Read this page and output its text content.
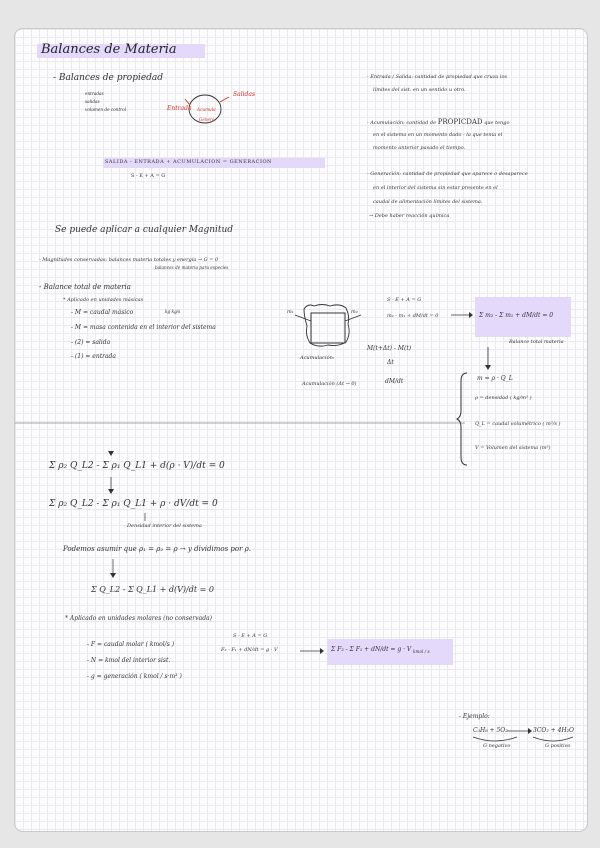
Balances de Materia
- Balances de propiedad
entradas
salidas
volumen de control	Entrada
Salidas
Acumula
Genera
- Entrada / Salida: cantidad de propiedad que cruza los
límites del sist. en un sentido u otro.
- Acumulación: cantidad de PROPICDAD que tengo
en el sistema en un momento dado - la que tenía el
momento anterior pasado el tiempo.
- Generación: cantidad de propiedad que aparece o desaparece
en el interior del sistema sin estar presente en el
caudal de alimentación límites del sistema.
→ Debe haber reacción química
SALIDA - ENTRADA + ACUMULACION = GENERACION
S - E + A = G
Se puede aplicar a cualquier Magnitud
- Magnitudes conservadas: balances materia totales y energía → G = 0
balances de materia para especies
- Balance total de materia
* Aplicado en unidades másicas
- M = caudal másico	kg kg/s
- M = masa contenida en el interior del sistema
- (2) = salida
- (1) = entrada
m₁	m₂
Acumulación:
M(t+Δt) - M(t)
Δt
Acumulación (Δt → 0)	dM/dt
S - E + A = G
m₂ - m₁ + dM/dt = 0	Σ m₂ - Σ m₁ + dM/dt = 0
Balance total materia
m = ρ · Q_L
ρ = densidad ( kg/m³ )
Q_L = caudal volumétrico ( m³/s )
V = Volumen del sistema (m³)
Σ ρ₂ Q_L2 - Σ ρ₁ Q_L1 + d(ρ · V)/dt = 0
Σ ρ₂ Q_L2 - Σ ρ₁ Q_L1 + ρ · dV/dt = 0
Densidad interior del sistema
Podemos asumir que ρ₁ = ρ₂ = ρ → y dividimos por ρ.
Σ Q_L2 - Σ Q_L1 + d(V)/dt = 0
* Aplicado en unidades molares (no conservada)
- F = caudal molar ( kmol/s )
- N = kmol del interior sist.
- g = generación ( kmol / s·m³ )
S - E + A = G
F₂ - F₁ + dN/dt = g · V	Σ F₂ - Σ F₁ + dN/dt = g · V kmol / s
- Ejemplo:
C₃H₈ + 5O₂	3CO₂ + 4H₂O
G negativo	G positivo
